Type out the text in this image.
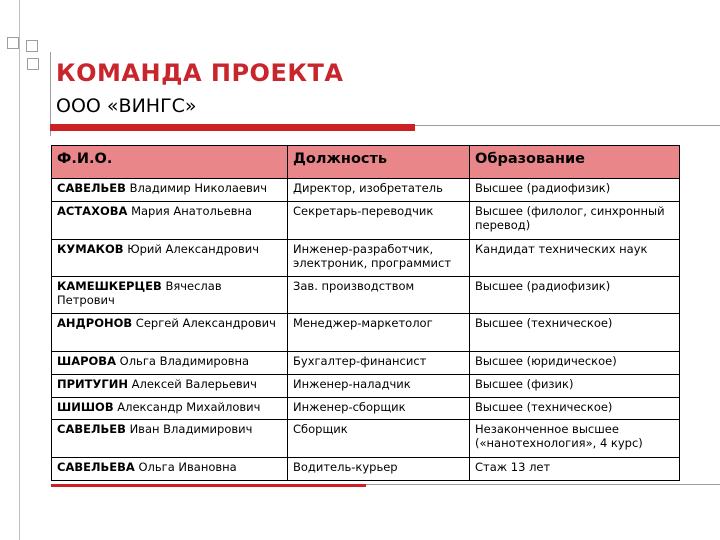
КОМАНДА ПРОЕКТА
ООО «ВИНГС»
Ф.И.О.	Должность	Образование
САВЕЛЬЕВ Владимир Николаевич	Директор, изобретатель	Высшее (радиофизик)
АСТАХОВА Мария Анатольевна	Секретарь-переводчик	Высшее (филолог, синхронный перевод)
КУМАКОВ Юрий Александрович	Инженер-разработчик, электроник, программист	Кандидат технических наук
КАМЕШКЕРЦЕВ Вячеслав Петрович	Зав. производством	Высшее (радиофизик)
АНДРОНОВ Сергей Александрович	Менеджер-маркетолог	Высшее (техническое)
ШАРОВА Ольга Владимировна	Бухгалтер-финансист	Высшее (юридическое)
ПРИТУГИН Алексей Валерьевич	Инженер-наладчик	Высшее (физик)
ШИШОВ Александр Михайлович	Инженер-сборщик	Высшее (техническое)
САВЕЛЬЕВ Иван Владимирович	Сборщик	Незаконченное высшее («нанотехнология», 4 курс)
САВЕЛЬЕВА Ольга Ивановна	Водитель-курьер	Стаж 13 лет
